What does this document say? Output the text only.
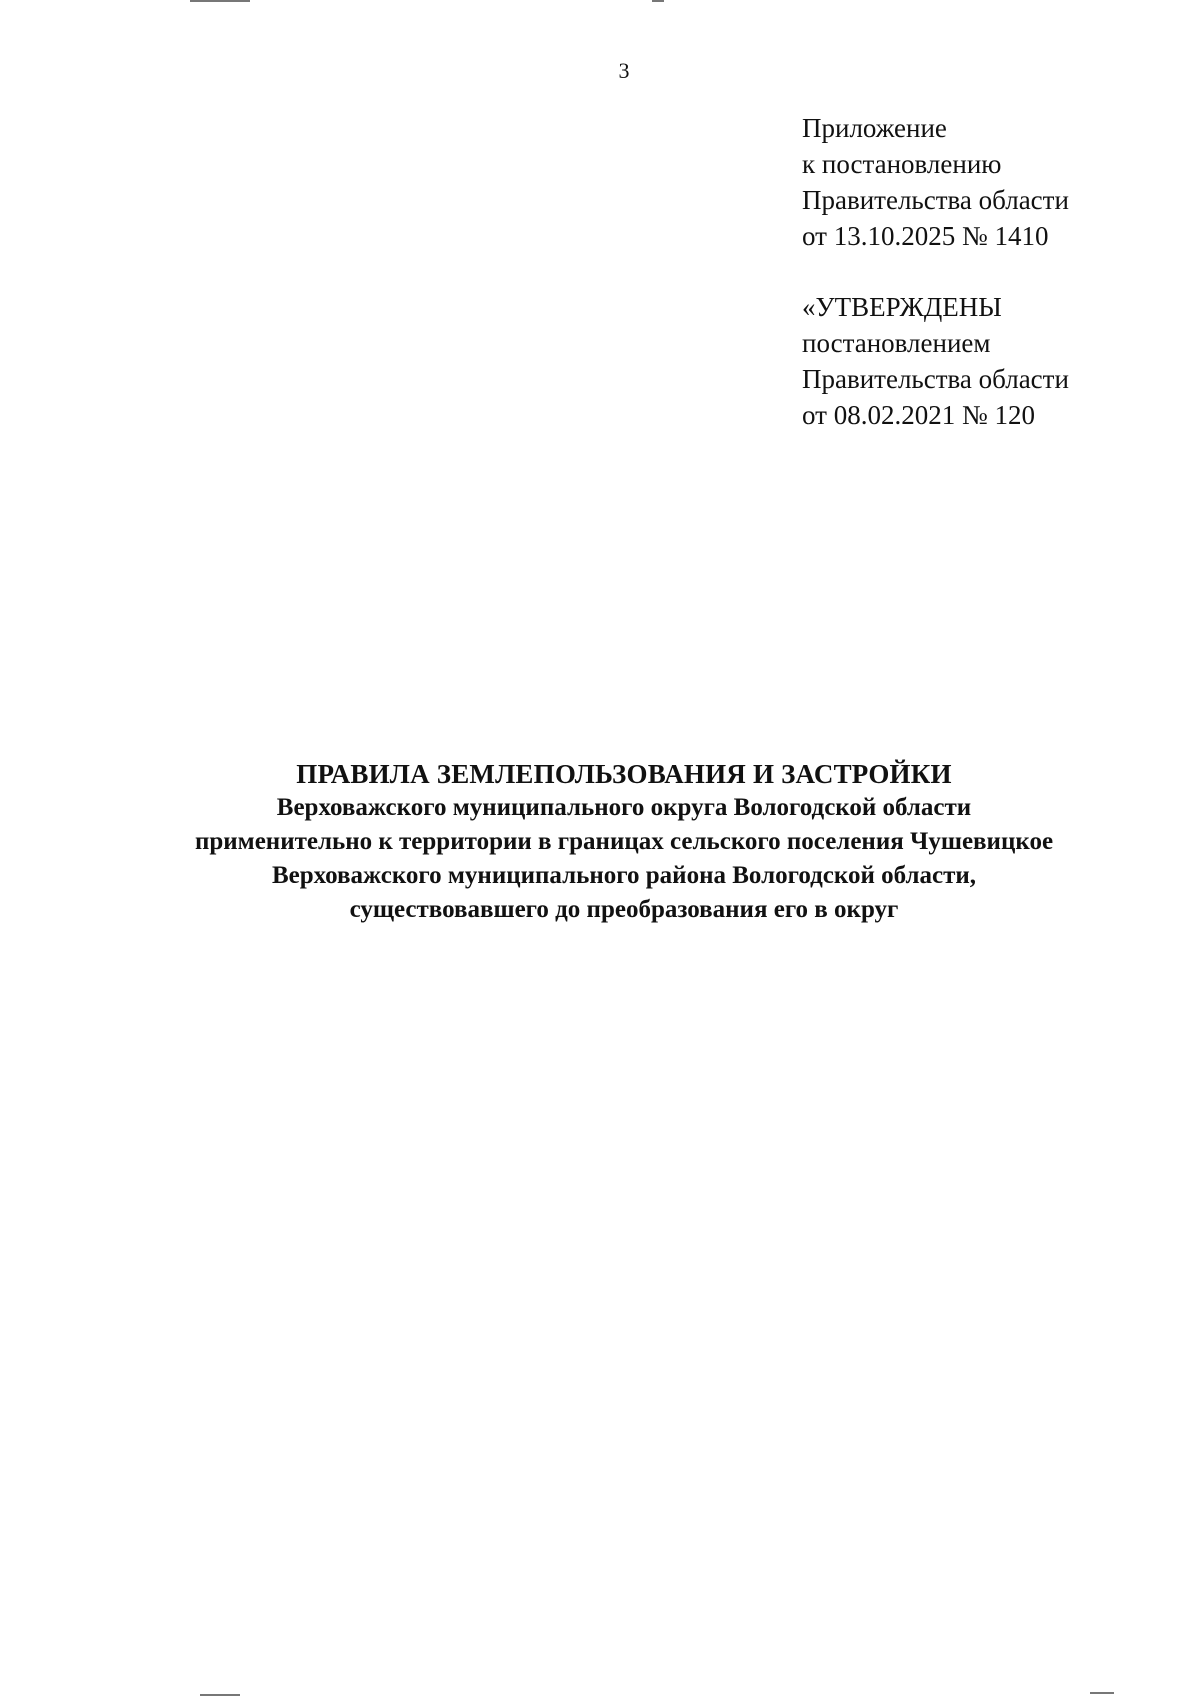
3
Приложение
к постановлению
Правительства области
от 13.10.2025 № 1410
«УТВЕРЖДЕНЫ
постановлением
Правительства области
от 08.02.2021 № 120
ПРАВИЛА ЗЕМЛЕПОЛЬЗОВАНИЯ И ЗАСТРОЙКИ
Верховажского муниципального округа Вологодской области
применительно к территории в границах сельского поселения Чушевицкое
Верховажского муниципального района Вологодской области,
существовавшего до преобразования его в округ
